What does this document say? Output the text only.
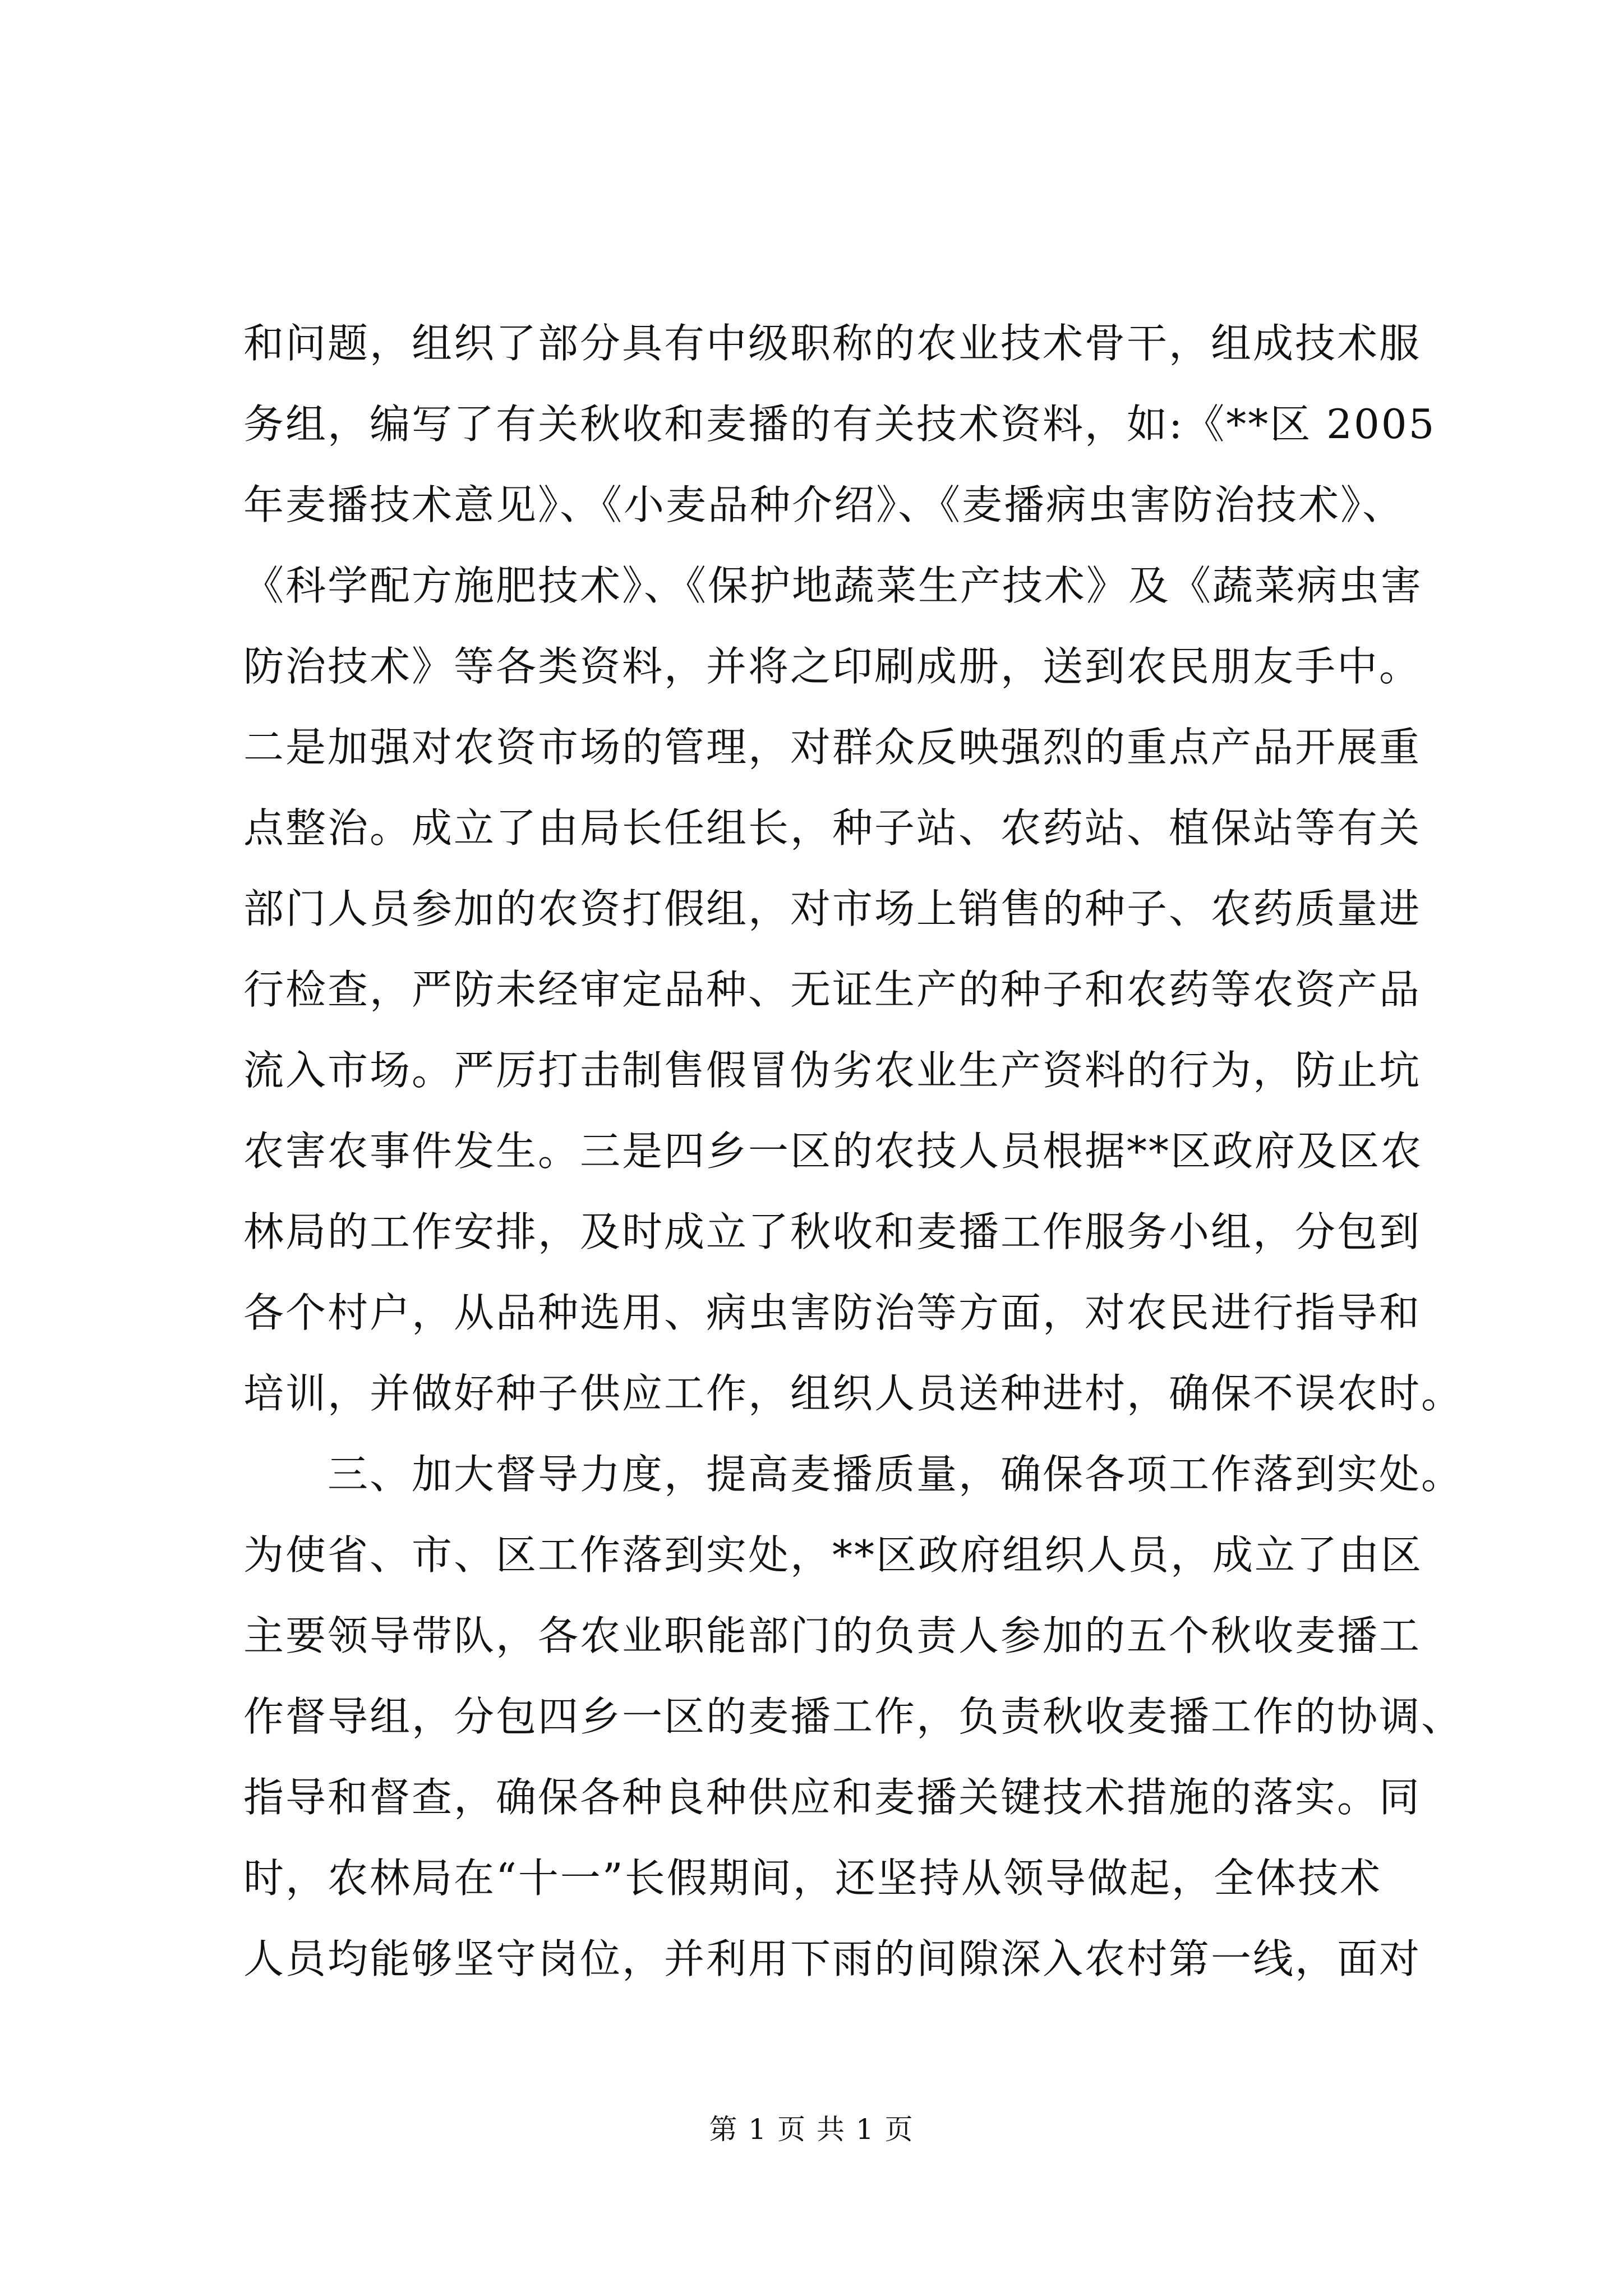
和问题，组织了部分具有中级职称的农业技术骨干，组成技术服
务组，编写了有关秋收和麦播的有关技术资料，如:《**区 2005
年麦播技术意见》、《小麦品种介绍》、《麦播病虫害防治技术》、
《科学配方施肥技术》、《保护地蔬菜生产技术》及《蔬菜病虫害
防治技术》等各类资料，并将之印刷成册，送到农民朋友手中。
二是加强对农资市场的管理，对群众反映强烈的重点产品开展重
点整治。成立了由局长任组长，种子站、农药站、植保站等有关
部门人员参加的农资打假组，对市场上销售的种子、农药质量进
行检查，严防未经审定品种、无证生产的种子和农药等农资产品
流入市场。严厉打击制售假冒伪劣农业生产资料的行为，防止坑
农害农事件发生。三是四乡一区的农技人员根据**区政府及区农
林局的工作安排，及时成立了秋收和麦播工作服务小组，分包到
各个村户，从品种选用、病虫害防治等方面，对农民进行指导和
培训，并做好种子供应工作，组织人员送种进村，确保不误农时。
　　三、加大督导力度，提高麦播质量，确保各项工作落到实处。
为使省、市、区工作落到实处，**区政府组织人员，成立了由区
主要领导带队，各农业职能部门的负责人参加的五个秋收麦播工
作督导组，分包四乡一区的麦播工作，负责秋收麦播工作的协调、
指导和督查，确保各种良种供应和麦播关键技术措施的落实。同
时，农林局在“十一”长假期间，还坚持从领导做起，全体技术
人员均能够坚守岗位，并利用下雨的间隙深入农村第一线，面对
第 1 页 共 1 页
